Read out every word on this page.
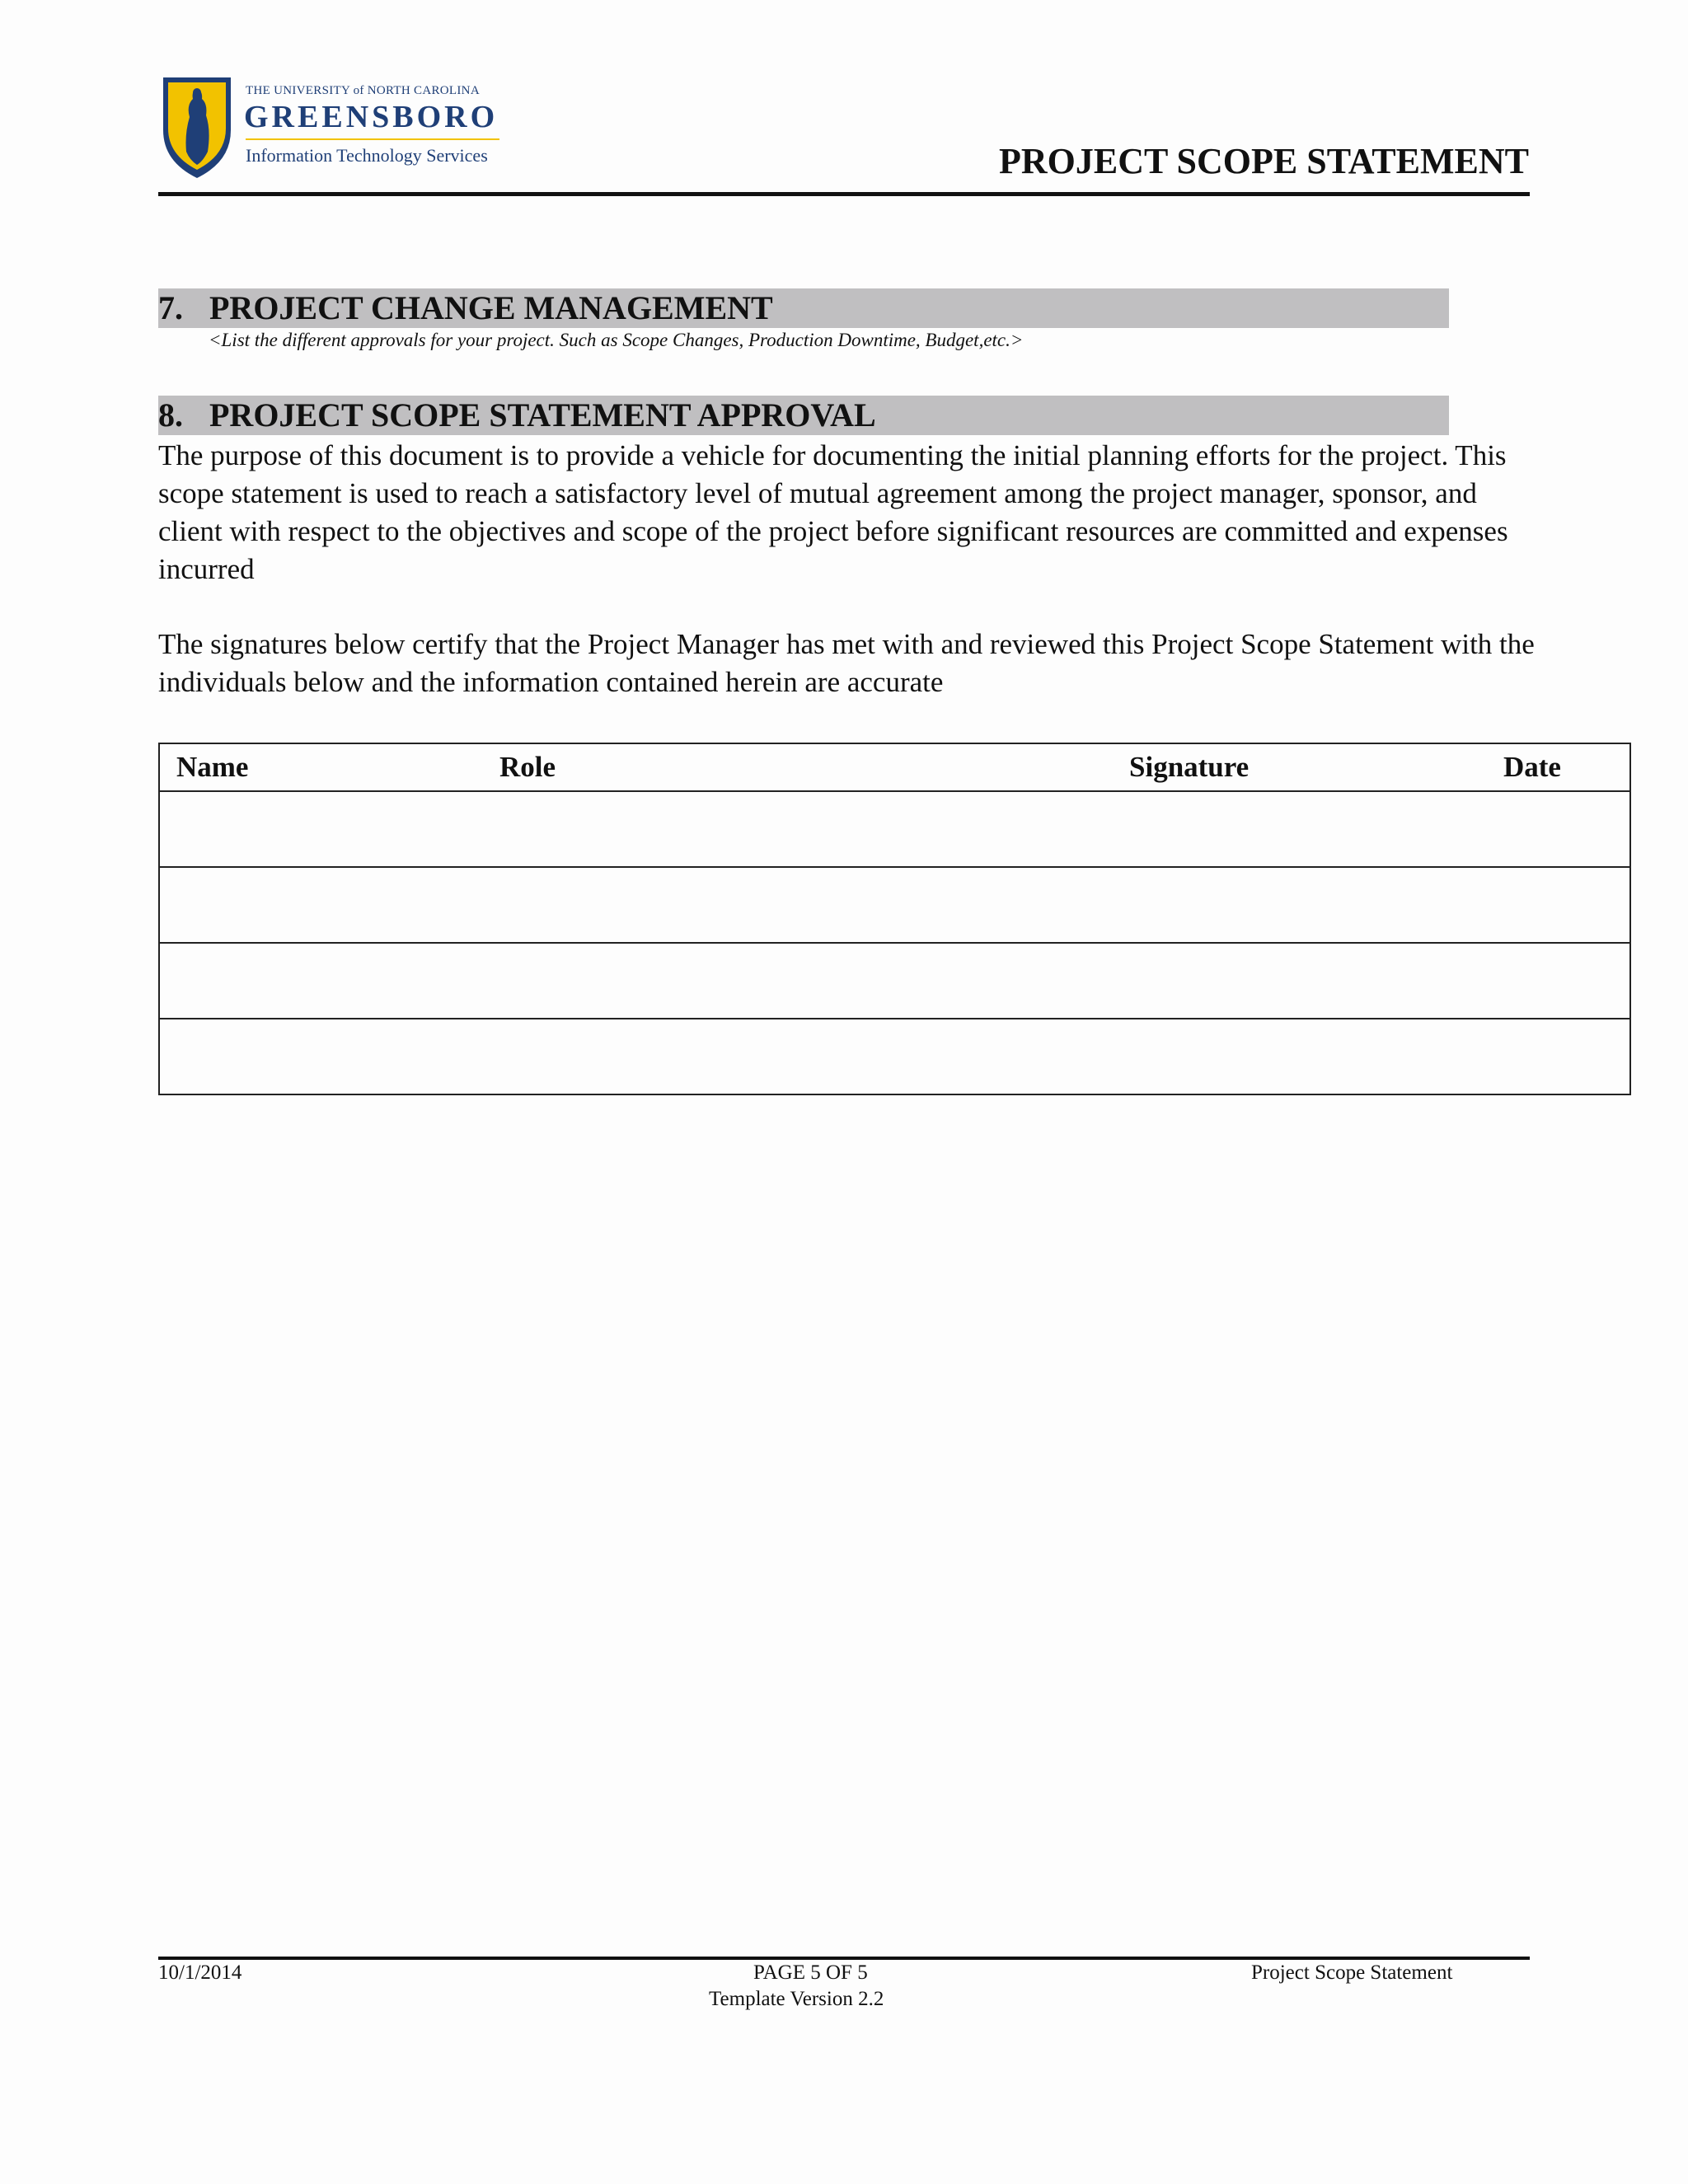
THE UNIVERSITY of NORTH CAROLINA
GREENSBORO
Information Technology Services	PROJECT SCOPE STATEMENT
7. PROJECT CHANGE MANAGEMENT
<List the different approvals for your project. Such as Scope Changes, Production Downtime, Budget,etc.>
8. PROJECT SCOPE STATEMENT APPROVAL
The purpose of this document is to provide a vehicle for documenting the initial planning efforts for the project. This scope statement is used to reach a satisfactory level of mutual agreement among the project manager, sponsor, and client with respect to the objectives and scope of the project before significant resources are committed and expenses incurred
The signatures below certify that the Project Manager has met with and reviewed this Project Scope Statement with the individuals below and the information contained herein are accurate
Name	Role	Signature	Date

10/1/2014	PAGE 5 OF 5
Template Version 2.2
Project Scope Statement
